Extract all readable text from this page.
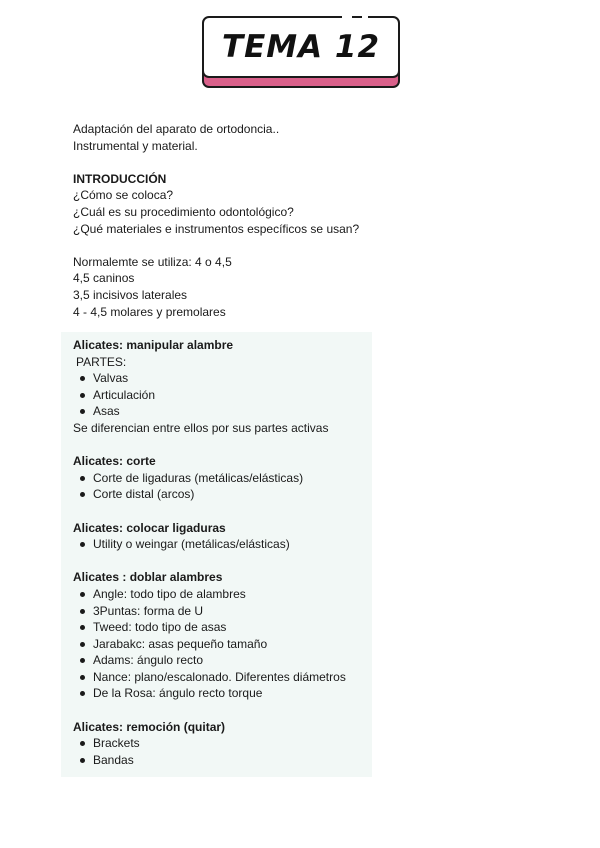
TEMA 12
Adaptación del aparato de ortodoncia..
Instrumental y material.
INTRODUCCIÓN
¿Cómo se coloca?
¿Cuál es su procedimiento odontológico?
¿Qué materiales e instrumentos específicos se usan?
Normalemte se utiliza: 4 o 4,5
4,5 caninos
3,5 incisivos laterales
4 - 4,5 molares y premolares
Alicates: manipular alambre
PARTES:
Valvas
Articulación
Asas
Se diferencian entre ellos por sus partes activas
Alicates: corte
Corte de ligaduras (metálicas/elásticas)
Corte distal (arcos)
Alicates: colocar ligaduras
Utility o weingar (metálicas/elásticas)
Alicates : doblar alambres
Angle: todo tipo de alambres
3Puntas: forma de U
Tweed: todo tipo de asas
Jarabakc: asas pequeño tamaño
Adams: ángulo recto
Nance: plano/escalonado. Diferentes diámetros
De la Rosa: ángulo recto torque
Alicates: remoción (quitar)
Brackets
Bandas
